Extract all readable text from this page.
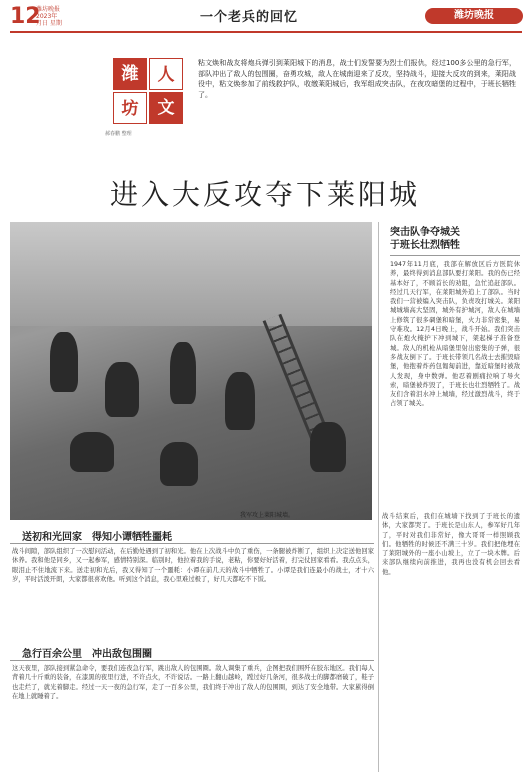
12
潍坊晚报
2023年
月日 星期	一个老兵的回忆	潍坊晚报
潍	人
坊	文
郝春鹏 整理
粘文焕和战友将炮兵弹引到莱阳城下的消息，战士们发誓要为烈士们报仇，经过100多公里的急行军，部队冲出了敌人的包围圈，奋勇攻城，敌人在城南迎来了反攻，坚持战斗，迎接大反攻的到来，莱阳战役中，粘文焕参加了前线救护队，收缴莱阳城后，我军组成突击队，在夜攻暗堡的过程中，于班长牺牲了。
进入大反攻夺下莱阳城
我军攻上莱阳城墙。
突击队争夺城关
于班长壮烈牺牲
1947年11月底，我部在解放区后方医院休养，最终得到消息部队要打莱阳。我的伤已经基本好了，不顾首长的劝阻，急忙追赶部队。经过几天行军，在莱阳城外追上了部队。当时我们一营被编入突击队，负责攻打城关。莱阳城城墙高大坚固，城外有护城河，敌人在城墙上修筑了很多碉堡和暗堡，火力非常密集，易守难攻。12月4日晚上，战斗开始。我们突击队在炮火掩护下冲到城下，架起梯子准备登城。敌人的机枪从暗堡里射出密集的子弹，很多战友倒下了。于班长带领几名战士去摧毁暗堡，他抱着炸药包匍匐前进，靠近暗堡时被敌人发现，身中数弹。他忍着剧痛拉响了导火索，暗堡被炸毁了，于班长也壮烈牺牲了。战友们含着泪水冲上城墙，经过激烈战斗，终于占领了城关。
战斗结束后，我们在城墙下找到了于班长的遗体，大家都哭了。于班长是山东人，参军好几年了，平时对我们非常好，像大哥哥一样照顾我们。他牺牲的时候还不满三十岁。我们把他埋在了莱阳城外的一座小山坡上，立了一块木牌。后来部队继续向前推进，我再也没有机会回去看他。
送初和光回家　得知小谭牺牲噩耗
战斗间隙，部队组织了一次慰问活动，在后勤处遇到了初和光。他在上次战斗中负了重伤，一条腿被炸断了，组织上决定送他回家休养。我和他是同乡，又一起参军，感情特别深。临别时，他拉着我的手说，老粘，你要好好活着，打完仗回家看看。我点点头，眼泪止不住地流下来。送走初和光后，我又得知了一个噩耗：小谭在前几天的战斗中牺牲了。小谭是我们连最小的战士，才十六岁，平时活泼开朗，大家都很喜欢他。听到这个消息，我心里难过极了，好几天都吃不下饭。
急行百余公里　冲出敌包围圈
这天夜里，部队接到紧急命令，要我们连夜急行军，跳出敌人的包围圈。敌人调集了重兵，企图把我们围歼在胶东地区。我们每人背着几十斤重的装备，在漆黑的夜里行进，不许点火，不许说话。一路上翻山越岭，蹚过好几条河，很多战士的脚都磨破了，鞋子也走烂了，就光着脚走。经过一天一夜的急行军，走了一百多公里，我们终于冲出了敌人的包围圈，到达了安全地带。大家累得倒在地上就睡着了。
